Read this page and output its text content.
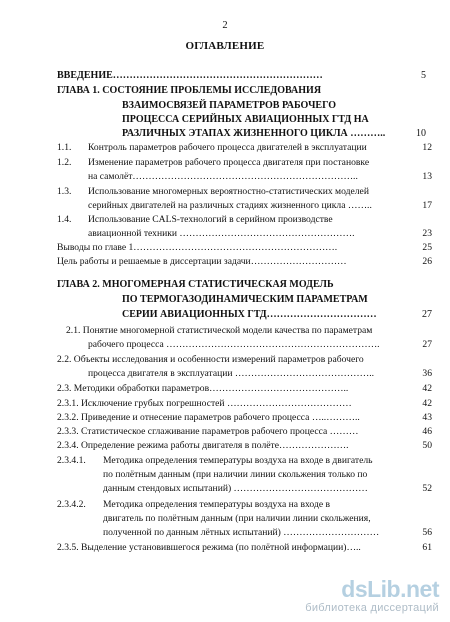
2
ОГЛАВЛЕНИЕ
ВВЕДЕНИЕ………………………………………………………	5
ГЛАВА 1. СОСТОЯНИЕ ПРОБЛЕМЫ ИССЛЕДОВАНИЯ
ВЗАИМОСВЯЗЕЙ ПАРАМЕТРОВ РАБОЧЕГО
ПРОЦЕССА СЕРИЙНЫХ АВИАЦИОННЫХ ГТД НА
РАЗЛИЧНЫХ ЭТАПАХ ЖИЗНЕННОГО ЦИКЛА ………..	10
1.1. Контроль параметров рабочего процесса двигателей в эксплуатации	12
1.2. Изменение параметров рабочего процесса двигателя при постановке
на самолёт……………………………………………………………..	13
1.3. Использование многомерных вероятностно-статистических моделей
серийных двигателей на различных стадиях жизненного цикла ……..	17
1.4. Использование CALS-технологий в серийном производстве
авиационной техники ……………………………………………….	23
Выводы по главе 1……………………………………………………….	25
Цель работы и решаемые в диссертации задачи…………………………	26
ГЛАВА 2. МНОГОМЕРНАЯ СТАТИСТИЧЕСКАЯ МОДЕЛЬ
ПО ТЕРМОГАЗОДИНАМИЧЕСКИМ ПАРАМЕТРАМ
СЕРИИ АВИАЦИОННЫХ ГТД……………………………	27
2.1. Понятие многомерной статистической модели качества по параметрам
рабочего процесса ………………………………………………………….	27
2.2. Объекты исследования и особенности измерений параметров рабочего
процесса двигателя в эксплуатации ……………………………………..	36
2.3. Методики обработки параметров……………………………………..	42
2.3.1. Исключение грубых погрешностей …………………………………	42
2.3.2. Приведение и отнесение параметров рабочего процесса …..………..	43
2.3.3. Статистическое сглаживание параметров рабочего процесса ………	46
2.3.4. Определение режима работы двигателя в полёте………………….	50
2.3.4.1. Методика определения температуры воздуха на входе в двигатель
по полётным данным (при наличии линии скольжения только по
данным стендовых испытаний) ……………………………………	52
2.3.4.2. Методика определения температуры воздуха на входе в
двигатель по полётным данным (при наличии линии скольжения,
полученной по данным лётных испытаний) …………………………	56
2.3.5. Выделение установившегося режима (по полётной информации)…..	61
dsLib.net
библиотека диссертаций
